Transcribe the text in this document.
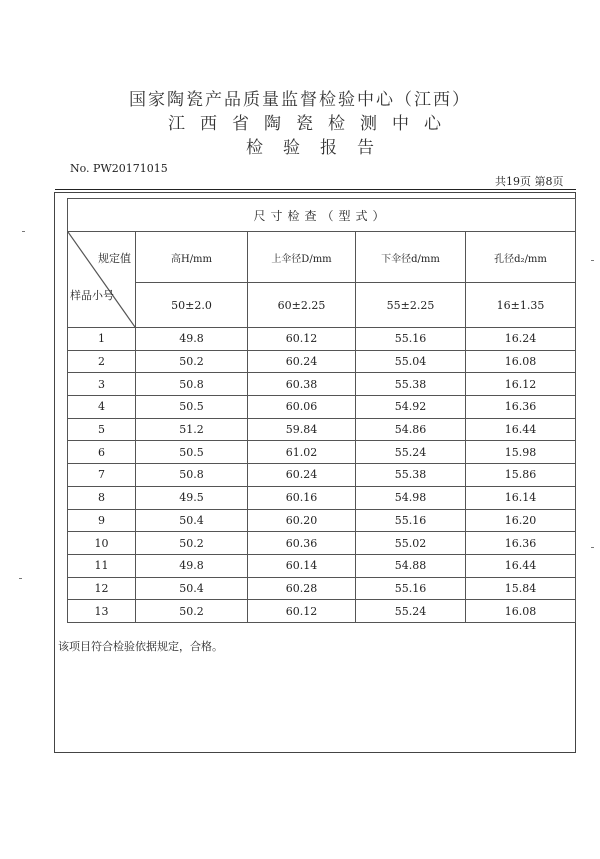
国家陶瓷产品质量监督检验中心（江西）
江西省陶瓷检测中心
检验报告
No. PW20171015
共19页 第8页
尺寸检查（型式）				

规定值
样品小号	高H/mm	上伞径D/mm	下伞径d/mm	孔径d₂/mm
	50±2.0	60±2.25	55±2.25	16±1.35
1	49.8	60.12	55.16	16.24
2	50.2	60.24	55.04	16.08
3	50.8	60.38	55.38	16.12
4	50.5	60.06	54.92	16.36
5	51.2	59.84	54.86	16.44
6	50.5	61.02	55.24	15.98
7	50.8	60.24	55.38	15.86
8	49.5	60.16	54.98	16.14
9	50.4	60.20	55.16	16.20
10	50.2	60.36	55.02	16.36
11	49.8	60.14	54.88	16.44
12	50.4	60.28	55.16	15.84
13	50.2	60.12	55.24	16.08
该项目符合检验依据规定，合格。
